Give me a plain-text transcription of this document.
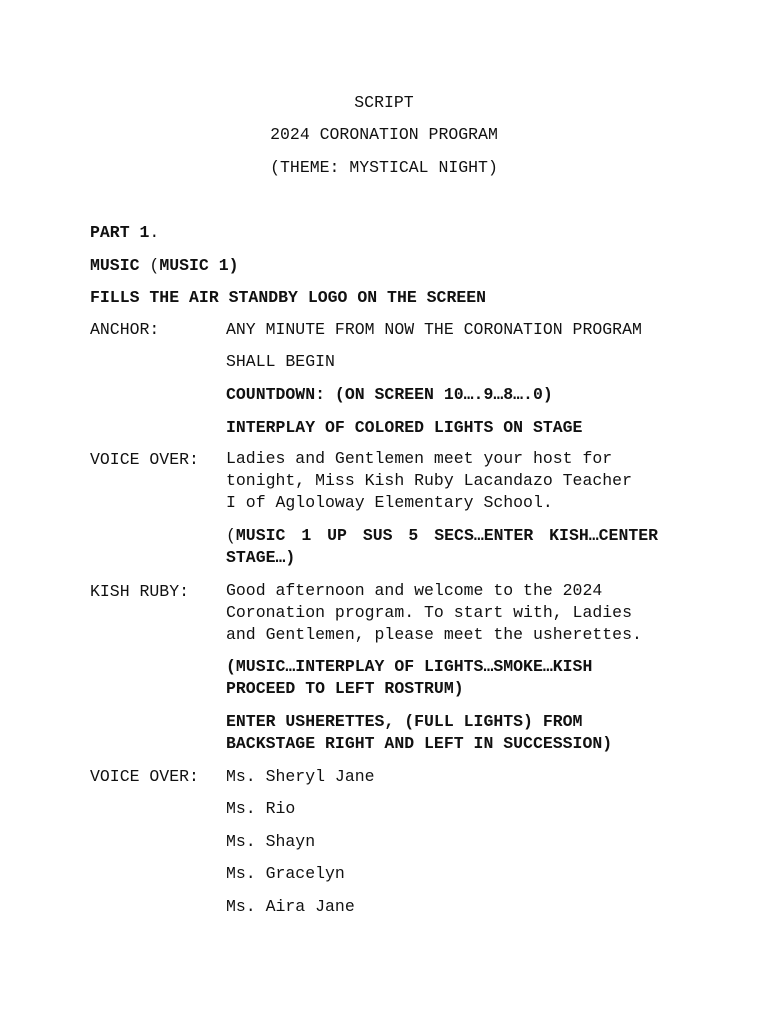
SCRIPT
2024 CORONATION PROGRAM
(THEME: MYSTICAL NIGHT)
PART 1.
MUSIC (MUSIC 1)
FILLS THE AIR STANDBY LOGO ON THE SCREEN
ANCHOR:	ANY MINUTE FROM NOW THE CORONATION PROGRAM
SHALL BEGIN
COUNTDOWN: (ON SCREEN 10….9…8….0)
INTERPLAY OF COLORED LIGHTS ON STAGE
VOICE OVER: Ladies and Gentlemen meet your host for
tonight, Miss Kish Ruby Lacandazo Teacher
I of Agloloway Elementary School.
(MUSIC 1 UP SUS 5 SECS…ENTER KISH…CENTER
STAGE…)
KISH RUBY: Good afternoon and welcome to the 2024
Coronation program. To start with, Ladies
and Gentlemen, please meet the usherettes.
(MUSIC…INTERPLAY OF LIGHTS…SMOKE…KISH
PROCEED TO LEFT ROSTRUM)
ENTER USHERETTES, (FULL LIGHTS) FROM
BACKSTAGE RIGHT AND LEFT IN SUCCESSION)
VOICE OVER: Ms. Sheryl Jane
Ms. Rio
Ms. Shayn
Ms. Gracelyn
Ms. Aira Jane
